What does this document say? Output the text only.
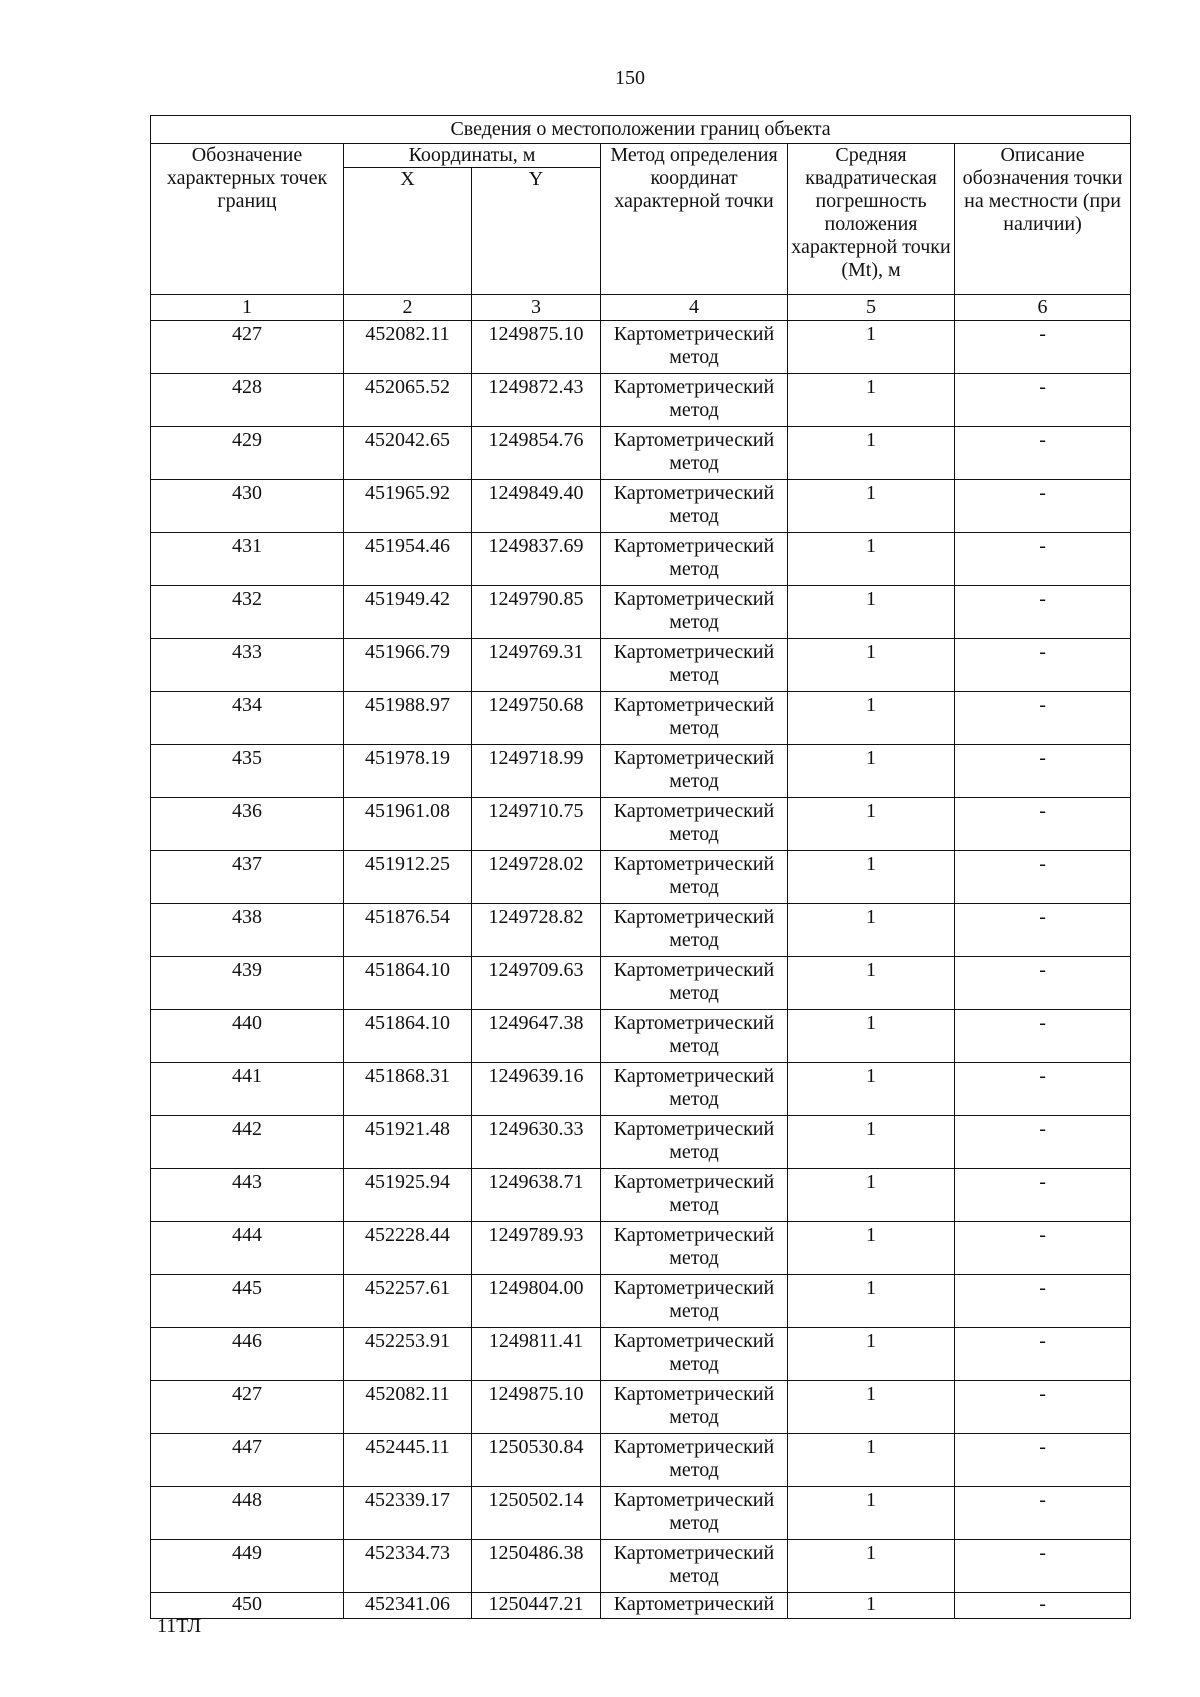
150
Сведения о местоположении границ объекта					
Обозначение характерных точек границ	Координаты, м		Метод определения координат характерной точки	Средняя квадратическая погрешность положения характерной точки (Mt), м	Описание обозначения точки на местности (при наличии)
	X	Y			
1	2	3	4	5	6
427	452082.11	1249875.10	Картометрический метод	1	-
428	452065.52	1249872.43	Картометрический метод	1	-
429	452042.65	1249854.76	Картометрический метод	1	-
430	451965.92	1249849.40	Картометрический метод	1	-
431	451954.46	1249837.69	Картометрический метод	1	-
432	451949.42	1249790.85	Картометрический метод	1	-
433	451966.79	1249769.31	Картометрический метод	1	-
434	451988.97	1249750.68	Картометрический метод	1	-
435	451978.19	1249718.99	Картометрический метод	1	-
436	451961.08	1249710.75	Картометрический метод	1	-
437	451912.25	1249728.02	Картометрический метод	1	-
438	451876.54	1249728.82	Картометрический метод	1	-
439	451864.10	1249709.63	Картометрический метод	1	-
440	451864.10	1249647.38	Картометрический метод	1	-
441	451868.31	1249639.16	Картометрический метод	1	-
442	451921.48	1249630.33	Картометрический метод	1	-
443	451925.94	1249638.71	Картометрический метод	1	-
444	452228.44	1249789.93	Картометрический метод	1	-
445	452257.61	1249804.00	Картометрический метод	1	-
446	452253.91	1249811.41	Картометрический метод	1	-
427	452082.11	1249875.10	Картометрический метод	1	-
447	452445.11	1250530.84	Картометрический метод	1	-
448	452339.17	1250502.14	Картометрический метод	1	-
449	452334.73	1250486.38	Картометрический метод	1	-
450	452341.06	1250447.21	Картометрический	1	-
11ТЛ
